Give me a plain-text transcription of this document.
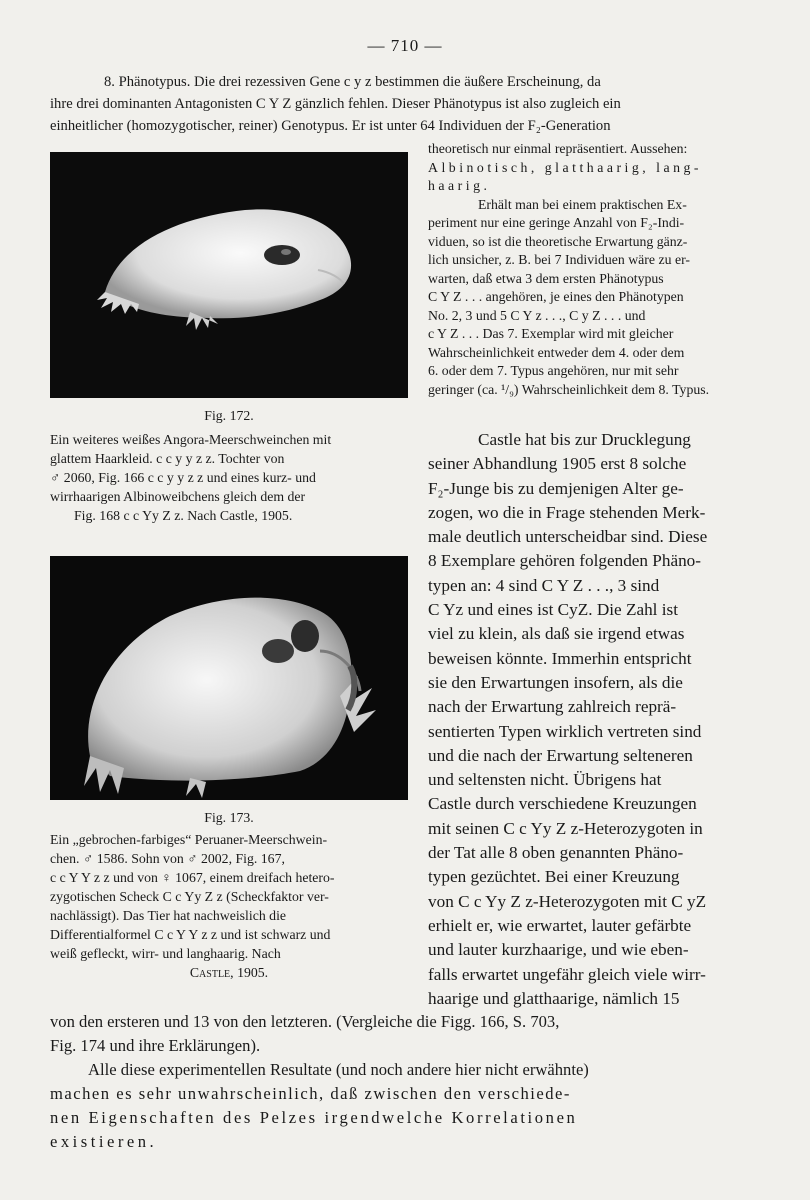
— 710 —
8. Phänotypus. Die drei rezessiven Gene c y z bestimmen die äußere Erscheinung, da
ihre drei dominanten Antagonisten C Y Z gänzlich fehlen. Dieser Phänotypus ist also zugleich ein
einheitlicher (homozygotischer, reiner) Genotypus. Er ist unter 64 Individuen der F₂-Generation
theoretisch nur einmal repräsentiert. Aussehen:
Albinotisch, glatthaarig, lang-
haarig.
Erhält man bei einem praktischen Ex-
periment nur eine geringe Anzahl von F₂-Indi-
viduen, so ist die theoretische Erwartung gänz-
lich unsicher, z. B. bei 7 Individuen wäre zu er-
warten, daß etwa 3 dem ersten Phänotypus
C Y Z . . . angehören, je eines den Phänotypen
No. 2, 3 und 5 C Y z . . ., C y Z . . . und
c Y Z . . . Das 7. Exemplar wird mit gleicher
Wahrscheinlichkeit entweder dem 4. oder dem
6. oder dem 7. Typus angehören, nur mit sehr
geringer (ca. ¹/₉) Wahrscheinlichkeit dem 8. Typus.
Castle hat bis zur Drucklegung
seiner Abhandlung 1905 erst 8 solche
F₂-Junge bis zu demjenigen Alter ge-
zogen, wo die in Frage stehenden Merk-
male deutlich unterscheidbar sind. Diese
8 Exemplare gehören folgenden Phäno-
typen an: 4 sind C Y Z . . ., 3 sind
C Yz und eines ist CyZ. Die Zahl ist
viel zu klein, als daß sie irgend etwas
beweisen könnte. Immerhin entspricht
sie den Erwartungen insofern, als die
nach der Erwartung zahlreich reprä-
sentierten Typen wirklich vertreten sind
und die nach der Erwartung selteneren
und seltensten nicht. Übrigens hat
Castle durch verschiedene Kreuzungen
mit seinen C c Yy Z z-Heterozygoten in
der Tat alle 8 oben genannten Phäno-
typen gezüchtet. Bei einer Kreuzung
von C c Yy Z z-Heterozygoten mit C yZ
erhielt er, wie erwartet, lauter gefärbte
und lauter kurzhaarige, und wie eben-
falls erwartet ungefähr gleich viele wirr-
haarige und glatthaarige, nämlich 15
Fig. 172.
Ein weiteres weißes Angora-Meerschweinchen mit
glattem Haarkleid. c c y y z z. Tochter von
♂ 2060, Fig. 166 c c y y z z und eines kurz- und
wirrhaarigen Albinoweibchens gleich dem der
Fig. 168 c c Yy Z z. Nach Castle, 1905.
Fig. 173.
Ein „gebrochen-farbiges“ Peruaner-Meerschwein-
chen. ♂ 1586. Sohn von ♂ 2002, Fig. 167,
c c Y Y z z und von ♀ 1067, einem dreifach hetero-
zygotischen Scheck C c Yy Z z (Scheckfaktor ver-
nachlässigt). Das Tier hat nachweislich die
Differentialformel C c Y Y z z und ist schwarz und
weiß gefleckt, wirr- und langhaarig. Nach
Castle, 1905.
von den ersteren und 13 von den letzteren. (Vergleiche die Figg. 166, S. 703,
Fig. 174 und ihre Erklärungen).
Alle diese experimentellen Resultate (und noch andere hier nicht erwähnte)
machen es sehr unwahrscheinlich, daß zwischen den verschiede-
nen Eigenschaften des Pelzes irgendwelche Korrelationen
existieren.
